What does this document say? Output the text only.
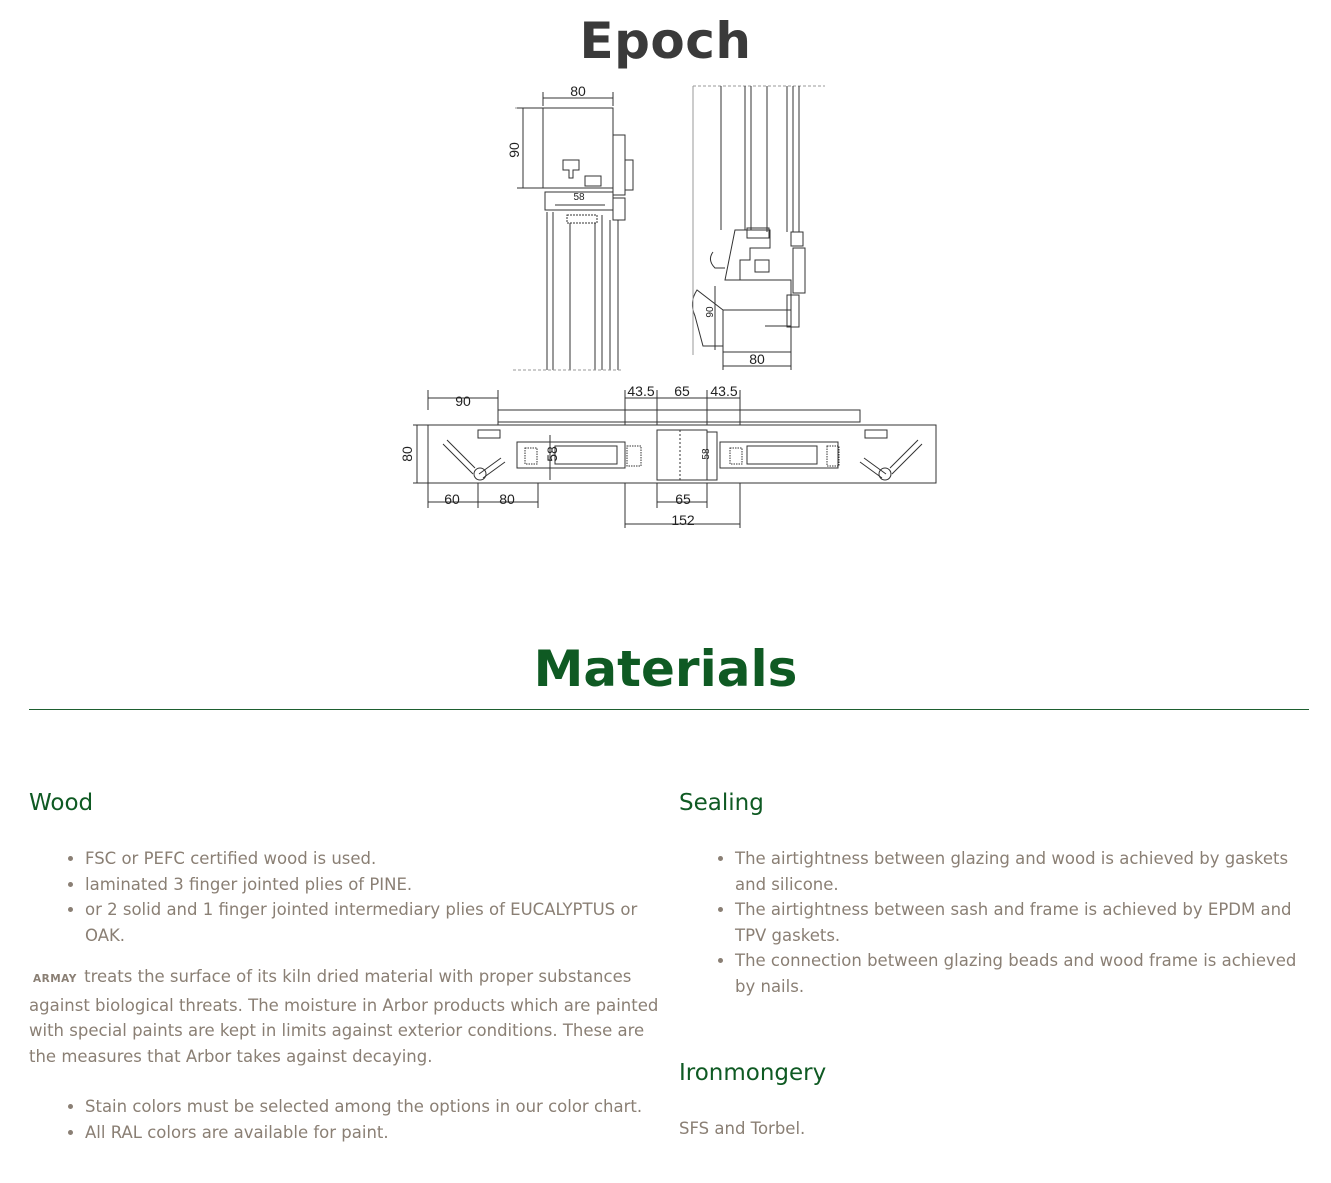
Epoch
80
90
58
90
80
90
80
43.5 65 43.5
58	58
60	80	65
152
Materials
Wood
• FSC or PEFC certified wood is used.
• laminated 3 finger jointed plies of PINE.
• or 2 solid and 1 finger jointed intermediary plies of EUCALYPTUS or OAK.

ARMAY treats the surface of its kiln dried material with proper substances against biological threats. The moisture in Arbor products which are painted with special paints are kept in limits against exterior conditions. These are the measures that Arbor takes against decaying.

• Stain colors must be selected among the options in our color chart.
• All RAL colors are available for paint.
Sealing
• The airtightness between glazing and wood is achieved by gaskets and silicone.
• The airtightness between sash and frame is achieved by EPDM and TPV gaskets.
• The connection between glazing beads and wood frame is achieved by nails.
Ironmongery

SFS and Torbel.
